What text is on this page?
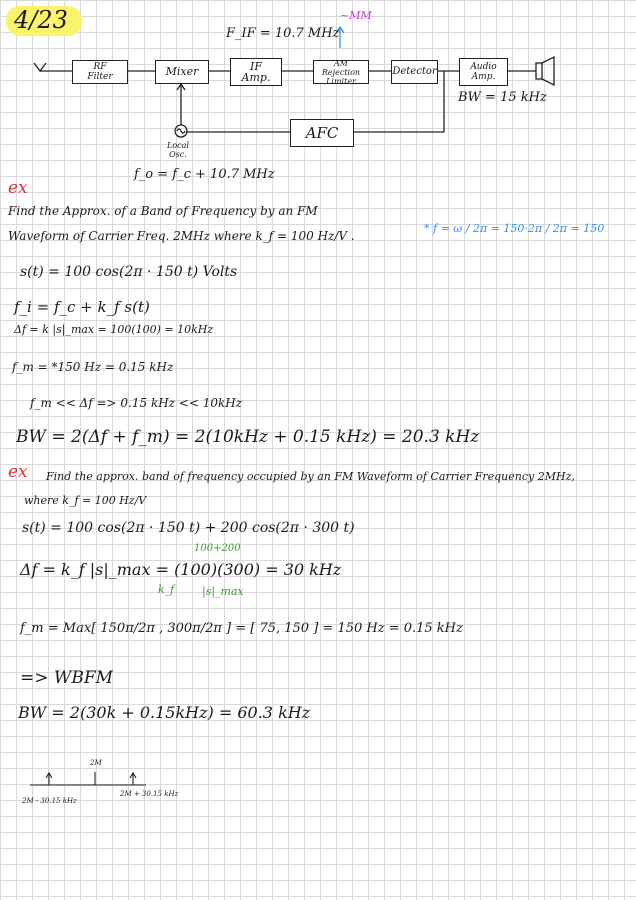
4/23
RF
Filter	Mixer	IF
Amp.
AM Rejection
Limiter
Detector	Audio
Amp.
AFC
F_IF = 10.7 MHz
~MM
BW = 15 kHz
Local
Osc.
f_o = f_c + 10.7 MHz
ex
Find the Approx. of a Band of Frequency by an FM
Waveform of Carrier Freq. 2MHz where k_f = 100 Hz/V .
* f = ω / 2π = 150·2π / 2π = 150
s(t) = 100 cos(2π · 150 t) Volts
f_i = f_c + k_f s(t)
Δf = k |s|_max = 100(100) = 10kHz
f_m = *150 Hz = 0.15 kHz
f_m << Δf => 0.15 kHz << 10kHz
BW = 2(Δf + f_m) = 2(10kHz + 0.15 kHz) = 20.3 kHz
ex Find the approx. band of frequency occupied by an FM Waveform of Carrier Frequency 2MHz,
where k_f = 100 Hz/V
s(t) = 100 cos(2π · 150 t) + 200 cos(2π · 300 t)
100+200
Δf = k_f |s|_max = (100)(300) = 30 kHz
k_f	|s|_max
f_m = Max[ 150π/2π , 300π/2π ] = [ 75, 150 ] = 150 Hz = 0.15 kHz
=> WBFM
BW = 2(30k + 0.15kHz) = 60.3 kHz
2M
2M - 30.15 kHz
2M + 30.15 kHz
